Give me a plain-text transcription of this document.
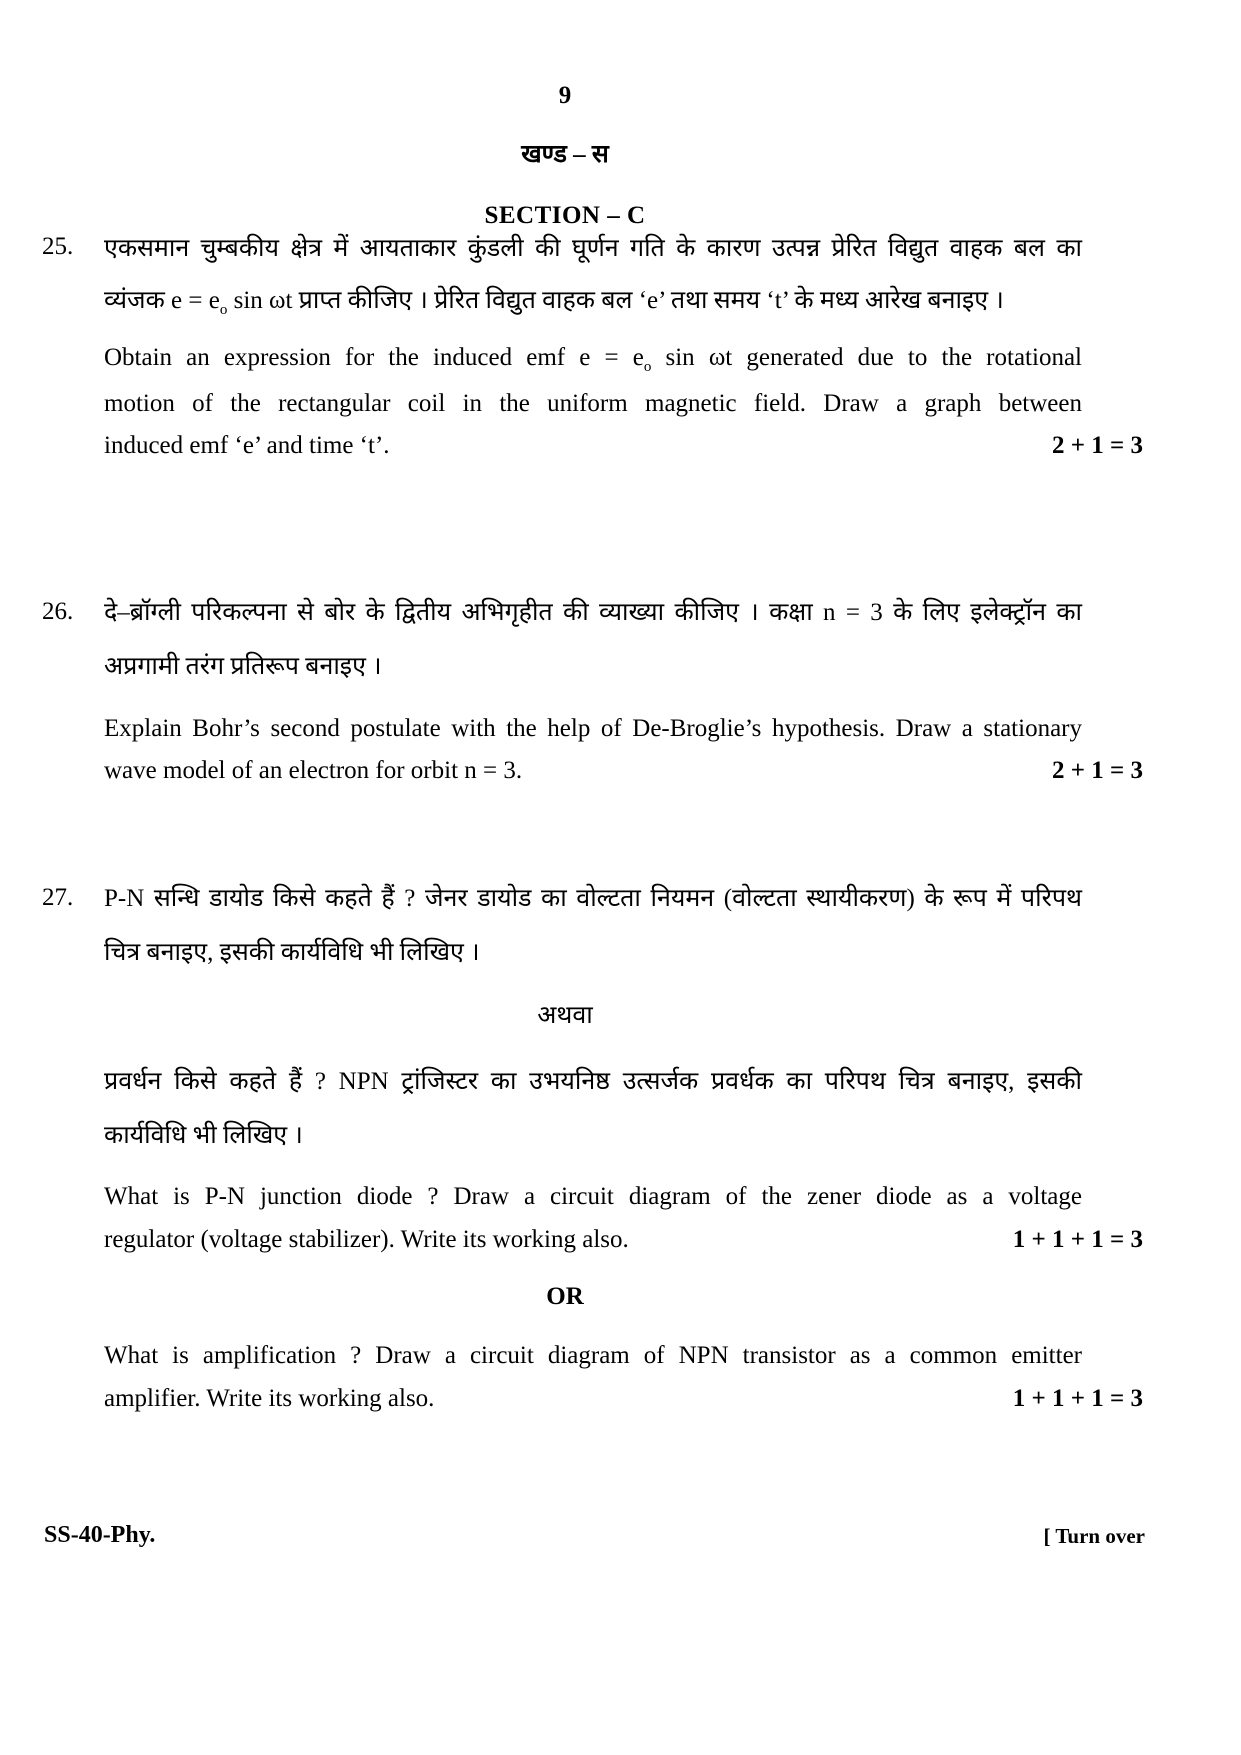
9
खण्ड – स
SECTION – C
25. एकसमान चुम्बकीय क्षेत्र में आयताकार कुंडली की घूर्णन गति के कारण उत्पन्न प्रेरित विद्युत वाहक बल का
व्यंजक $e = e_o$ sin ωt प्राप्त कीजिए । प्रेरित विद्युत वाहक बल ‘e’ तथा समय ‘t’ के मध्य आरेख बनाइए ।
Obtain an expression for the induced emf $e = e_o$ sin ωt generated due to the rotational
motion of the rectangular coil in the uniform magnetic field. Draw a graph between
induced emf ‘e’ and time ‘t’.	2 + 1 = 3
26. दे–ब्रॉग्ली परिकल्पना से बोर के द्वितीय अभिगृहीत की व्याख्या कीजिए । कक्षा n = 3 के लिए इलेक्ट्रॉन का
अप्रगामी तरंग प्रतिरूप बनाइए ।
Explain Bohr’s second postulate with the help of De-Broglie’s hypothesis. Draw a stationary
wave model of an electron for orbit n = 3.	2 + 1 = 3
27. P-N सन्धि डायोड किसे कहते हैं ? जेनर डायोड का वोल्टता नियमन (वोल्टता स्थायीकरण) के रूप में परिपथ
चित्र बनाइए, इसकी कार्यविधि भी लिखिए ।
अथवा
प्रवर्धन किसे कहते हैं ? NPN ट्रांजिस्टर का उभयनिष्ठ उत्सर्जक प्रवर्धक का परिपथ चित्र बनाइए, इसकी
कार्यविधि भी लिखिए ।
What is P-N junction diode ? Draw a circuit diagram of the zener diode as a voltage
regulator (voltage stabilizer). Write its working also.	1 + 1 + 1 = 3
OR
What is amplification ? Draw a circuit diagram of NPN transistor as a common emitter
amplifier. Write its working also.	1 + 1 + 1 = 3
SS-40-Phy.	[ Turn over
